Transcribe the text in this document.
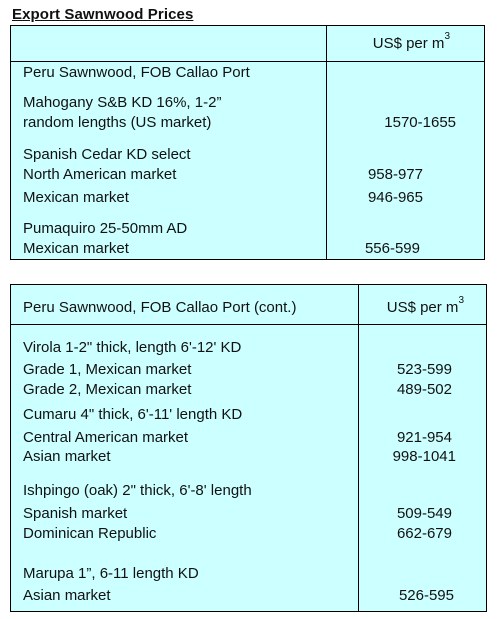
Export Sawnwood Prices
US$ per $m^3$
Peru Sawnwood, FOB Callao Port
Mahogany S&B KD 16%, 1-2”
random lengths (US market)	1570-1655
Spanish Cedar KD select
North American market	958-977
Mexican market	946-965
Pumaquiro 25-50mm AD
Mexican market	556-599
Peru Sawnwood, FOB Callao Port (cont.)	US$ per $m^3$
Virola 1-2" thick, length 6'-12' KD
Grade 1, Mexican market	523-599
Grade 2, Mexican market	489-502
Cumaru 4" thick, 6'-11' length KD
Central American market	921-954
Asian market	998-1041
Ishpingo (oak) 2" thick, 6'-8' length
Spanish market	509-549
Dominican Republic	662-679
Marupa 1”, 6-11 length KD
Asian market	526-595
